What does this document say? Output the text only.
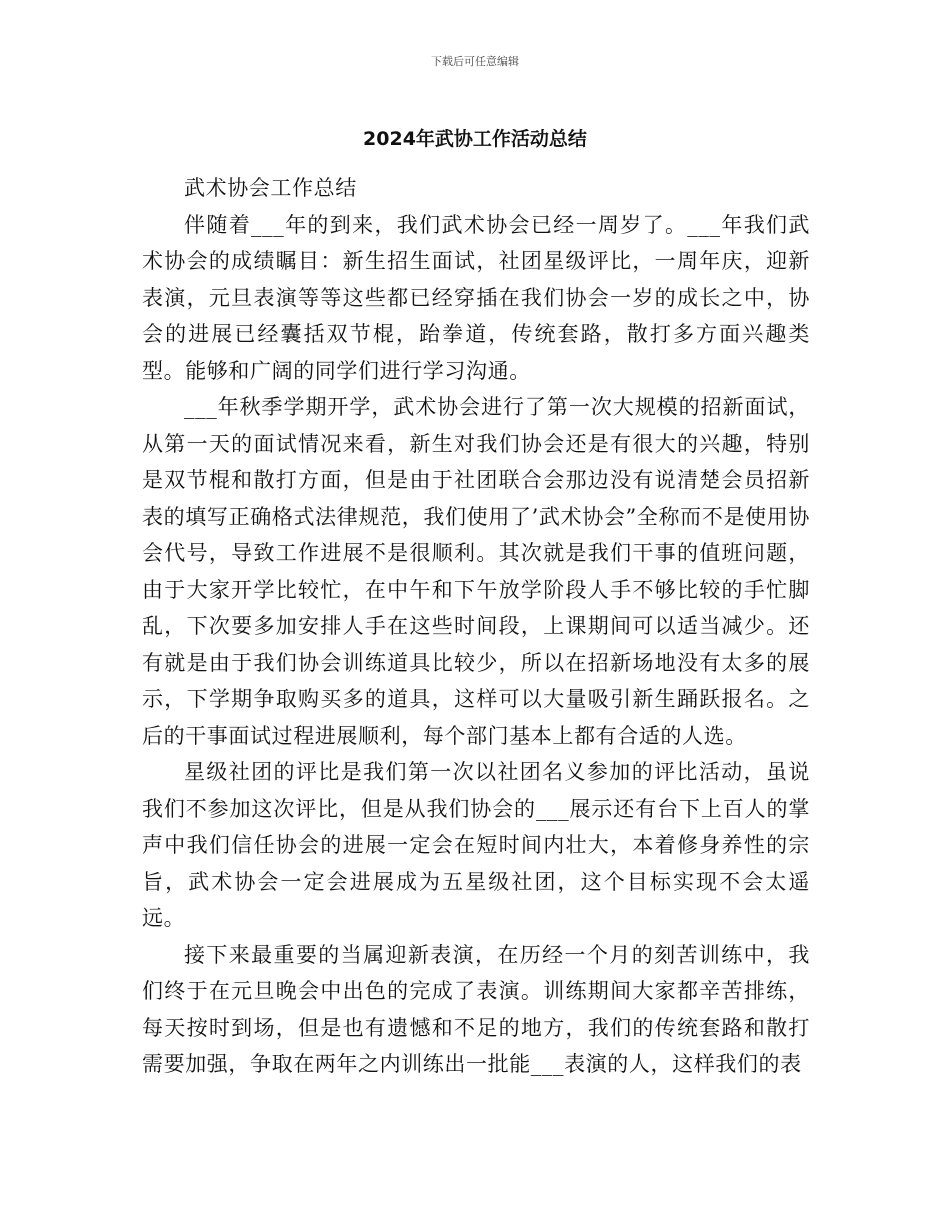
下载后可任意编辑
2024年武协工作活动总结

武术协会工作总结

伴随着___年的到来，我们武术协会已经一周岁了。___年我们武术协会的成绩瞩目：新生招生面试，社团星级评比，一周年庆，迎新表演，元旦表演等等这些都已经穿插在我们协会一岁的成长之中，协会的进展已经囊括双节棍，跆拳道，传统套路，散打多方面兴趣类型。能够和广阔的同学们进行学习沟通。

___年秋季学期开学，武术协会进行了第一次大规模的招新面试，从第一天的面试情况来看，新生对我们协会还是有很大的兴趣，特别是双节棍和散打方面，但是由于社团联合会那边没有说清楚会员招新表的填写正确格式法律规范，我们使用了’武术协会”全称而不是使用协会代号，导致工作进展不是很顺利。其次就是我们干事的值班问题，由于大家开学比较忙，在中午和下午放学阶段人手不够比较的手忙脚乱，下次要多加安排人手在这些时间段，上课期间可以适当减少。还有就是由于我们协会训练道具比较少，所以在招新场地没有太多的展示，下学期争取购买多的道具，这样可以大量吸引新生踊跃报名。之后的干事面试过程进展顺利，每个部门基本上都有合适的人选。

星级社团的评比是我们第一次以社团名义参加的评比活动，虽说我们不参加这次评比，但是从我们协会的___展示还有台下上百人的掌声中我们信任协会的进展一定会在短时间内壮大，本着修身养性的宗旨，武术协会一定会进展成为五星级社团，这个目标实现不会太遥远。

接下来最重要的当属迎新表演，在历经一个月的刻苦训练中，我们终于在元旦晚会中出色的完成了表演。训练期间大家都辛苦排练，每天按时到场，但是也有遗憾和不足的地方，我们的传统套路和散打需要加强，争取在两年之内训练出一批能___表演的人，这样我们的表
